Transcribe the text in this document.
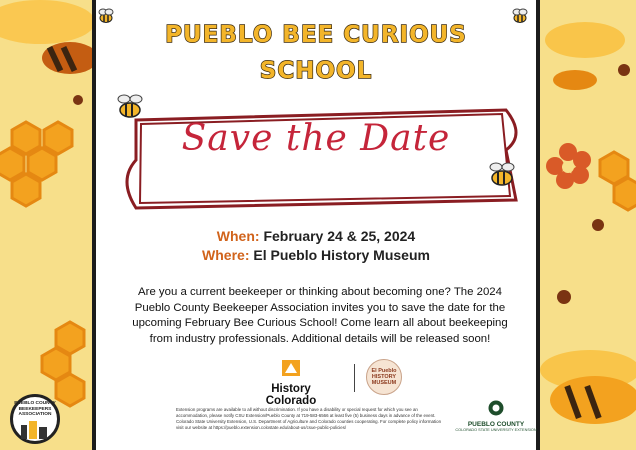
PUEBLO BEE CURIOUS
SCHOOL
Save the Date
When: February 24 & 25, 2024
Where: El Pueblo History Museum
Are you a current beekeeper or thinking about becoming one? The 2024 Pueblo County Beekeeper Association invites you to save the date for the upcoming February Bee Curious School! Come learn all about beekeeping from industry professionals. Additional details will be released soon!
History Colorado
El Pueblo HISTORY MUSEUM
Extension programs are available to all without discrimination. If you have a disability or special request for which you see an accommodation, please notify CSU Extension/Pueblo County at 719-583-6566 at least five (5) business days in advance of the event. Colorado State University Extension, U.S. Department of Agriculture and Colorado counties cooperating. For complete policy information visit our website at https://pueblo.extension.colostate.edu/about-us/csue-public-policies/	PUEBLO COUNTY
COLORADO STATE UNIVERSITY EXTENSION
PUEBLO COUNTY BEEKEEPERS ASSOCIATION
